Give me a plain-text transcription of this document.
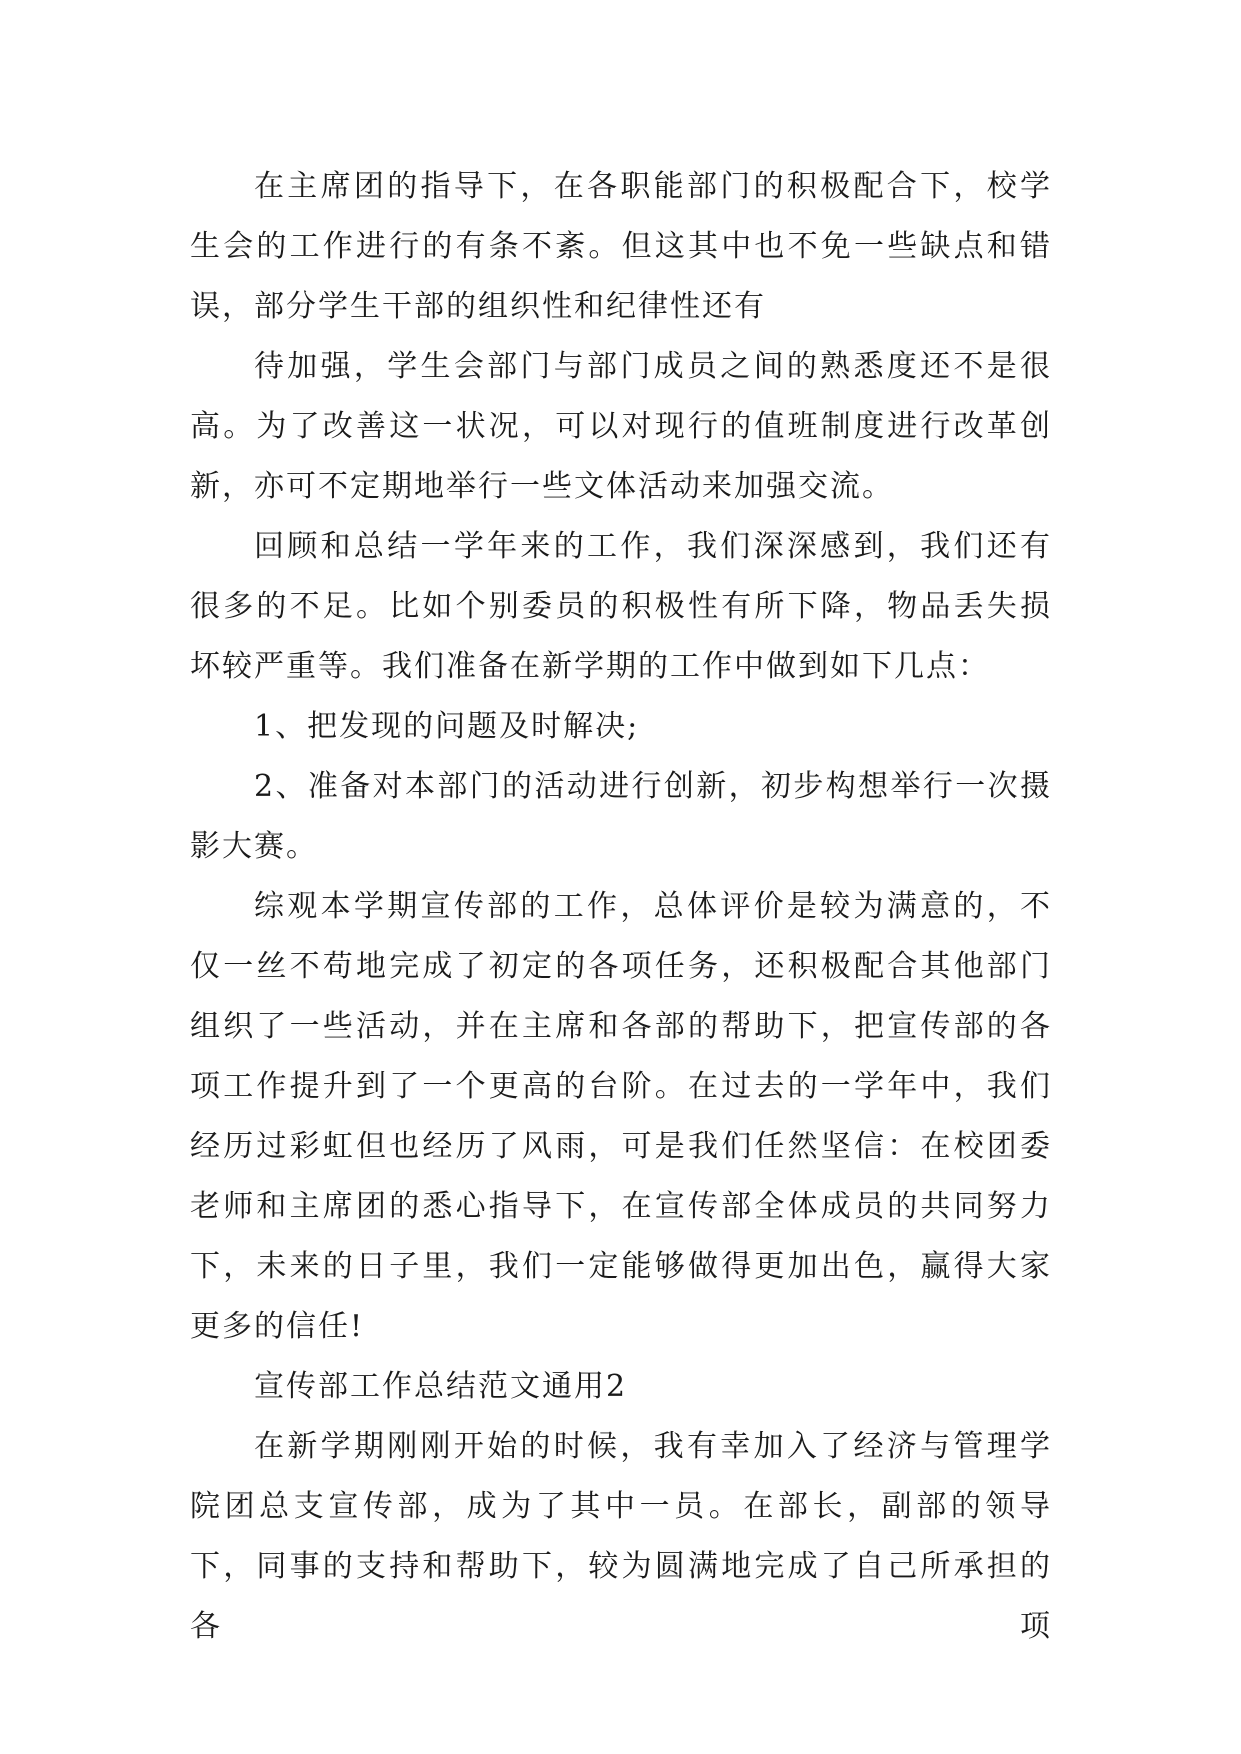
在主席团的指导下，在各职能部门的积极配合下，校学生会的工作进行的有条不紊。但这其中也不免一些缺点和错误，部分学生干部的组织性和纪律性还有

待加强，学生会部门与部门成员之间的熟悉度还不是很高。为了改善这一状况，可以对现行的值班制度进行改革创新，亦可不定期地举行一些文体活动来加强交流。

回顾和总结一学年来的工作，我们深深感到，我们还有很多的不足。比如个别委员的积极性有所下降，物品丢失损坏较严重等。我们准备在新学期的工作中做到如下几点：

1、把发现的问题及时解决;

2、准备对本部门的活动进行创新，初步构想举行一次摄影大赛。

综观本学期宣传部的工作，总体评价是较为满意的，不仅一丝不苟地完成了初定的各项任务，还积极配合其他部门组织了一些活动，并在主席和各部的帮助下，把宣传部的各项工作提升到了一个更高的台阶。在过去的一学年中，我们经历过彩虹但也经历了风雨，可是我们任然坚信：在校团委老师和主席团的悉心指导下，在宣传部全体成员的共同努力下，未来的日子里，我们一定能够做得更加出色，赢得大家更多的信任!

宣传部工作总结范文通用2

在新学期刚刚开始的时候，我有幸加入了经济与管理学院团总支宣传部，成为了其中一员。在部长，副部的领导下，同事的支持和帮助下，较为圆满地完成了自己所承担的各项
